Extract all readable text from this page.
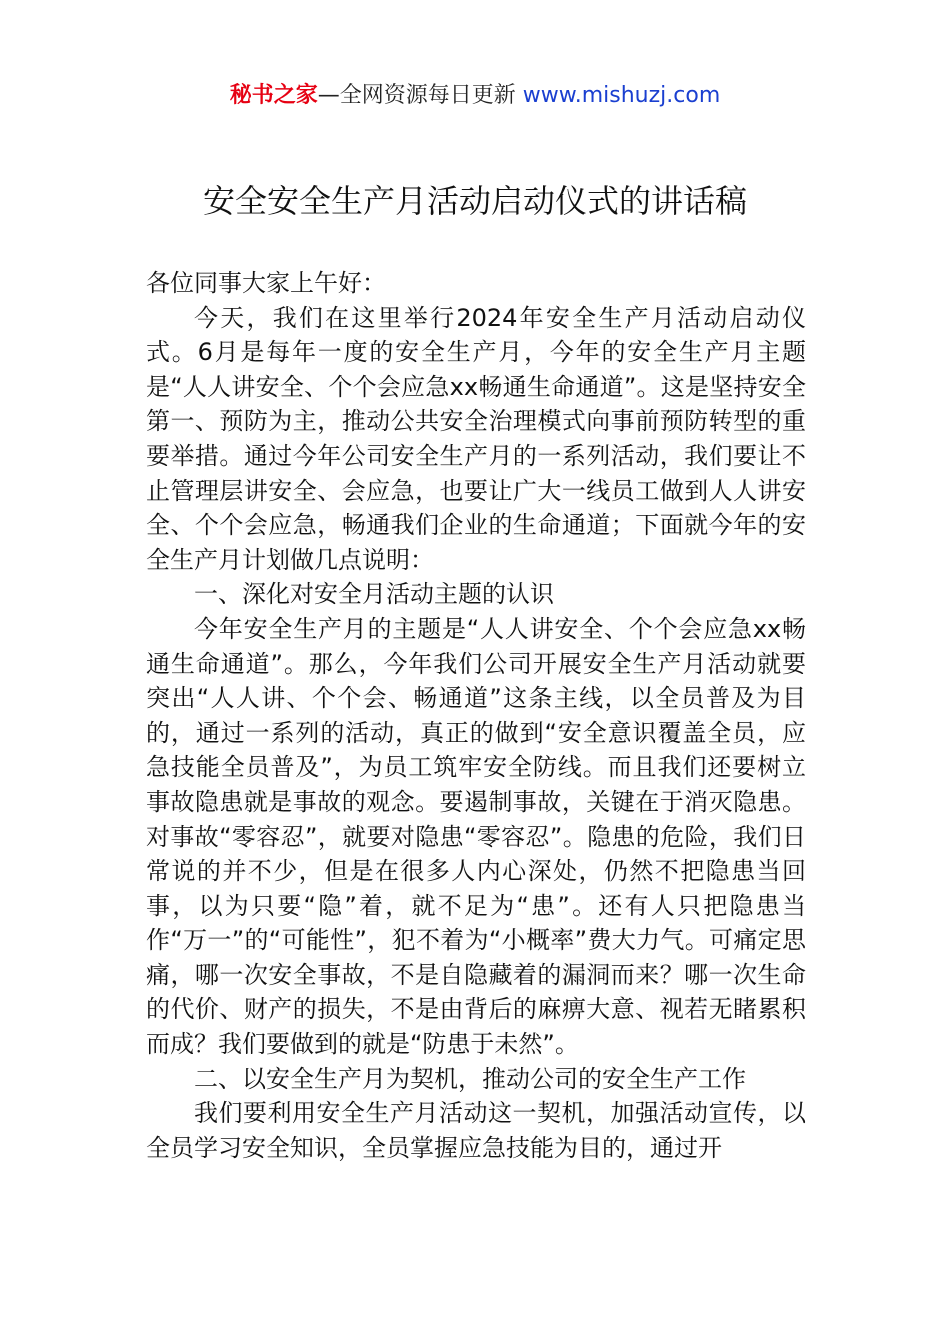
秘书之家—全网资源每日更新 www.mishuzj.com
安全安全生产月活动启动仪式的讲话稿

各位同事大家上午好：

今天，我们在这里举行2024年安全生产月活动启动仪式。6月是每年一度的安全生产月，今年的安全生产月主题是“人人讲安全、个个会应急xx畅通生命通道”。这是坚持安全第一、预防为主，推动公共安全治理模式向事前预防转型的重要举措。通过今年公司安全生产月的一系列活动，我们要让不止管理层讲安全、会应急，也要让广大一线员工做到人人讲安全、个个会应急，畅通我们企业的生命通道；下面就今年的安全生产月计划做几点说明：

一、深化对安全月活动主题的认识

今年安全生产月的主题是“人人讲安全、个个会应急xx畅通生命通道”。那么，今年我们公司开展安全生产月活动就要突出“人人讲、个个会、畅通道”这条主线，以全员普及为目的，通过一系列的活动，真正的做到“安全意识覆盖全员，应急技能全员普及”，为员工筑牢安全防线。而且我们还要树立事故隐患就是事故的观念。要遏制事故，关键在于消灭隐患。对事故“零容忍”，就要对隐患“零容忍”。隐患的危险，我们日常说的并不少，但是在很多人内心深处，仍然不把隐患当回事，以为只要“隐”着，就不足为“患”。还有人只把隐患当作“万一”的“可能性”，犯不着为“小概率”费大力气。可痛定思痛，哪一次安全事故，不是自隐藏着的漏洞而来？哪一次生命的代价、财产的损失，不是由背后的麻痹大意、视若无睹累积而成？我们要做到的就是“防患于未然”。

二、以安全生产月为契机，推动公司的安全生产工作

我们要利用安全生产月活动这一契机，加强活动宣传，以全员学习安全知识，全员掌握应急技能为目的，通过开
